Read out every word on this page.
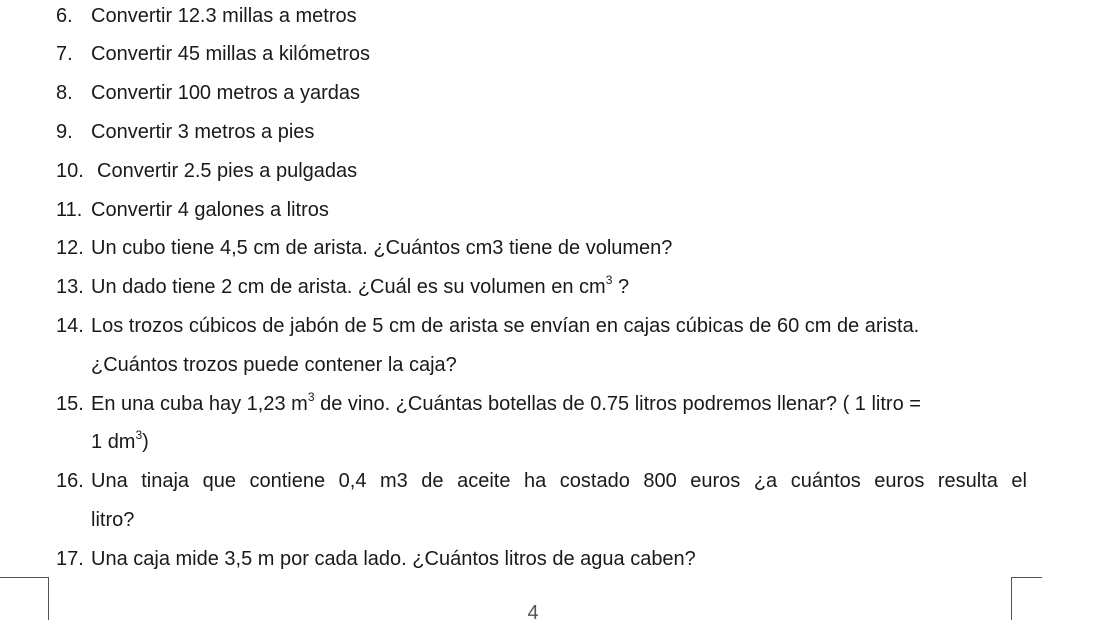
6. Convertir 12.3 millas a metros
7. Convertir 45 millas a kilómetros
8. Convertir 100 metros a yardas
9. Convertir 3 metros a pies
10. Convertir 2.5 pies a pulgadas
11. Convertir 4 galones a litros
12. Un cubo tiene 4,5 cm de arista. ¿Cuántos cm3 tiene de volumen?
13. Un dado tiene 2 cm de arista. ¿Cuál es su volumen en $cm^3$ ?
14. Los trozos cúbicos de jabón de 5 cm de arista se envían en cajas cúbicas de 60 cm de arista.
¿Cuántos trozos puede contener la caja?
15. En una cuba hay 1,23 $m^3$ de vino. ¿Cuántas botellas de 0.75 litros podremos llenar? ( 1 litro =
1 $dm^3$)
16. Una tinaja que contiene 0,4 m3 de aceite ha costado 800 euros ¿a cuántos euros resulta el
litro?
17. Una caja mide 3,5 m por cada lado. ¿Cuántos litros de agua caben?
4
